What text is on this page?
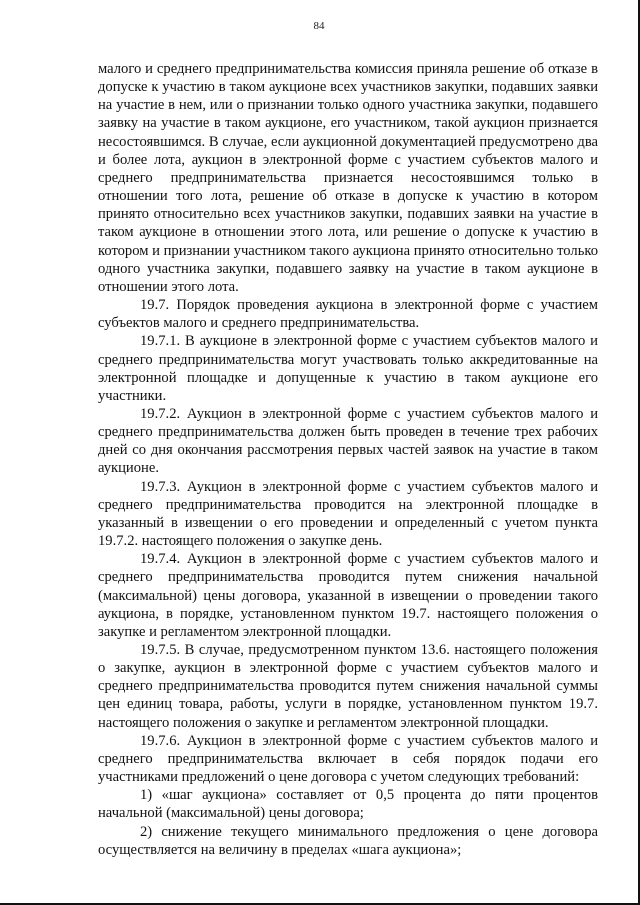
84

малого и среднего предпринимательства комиссия приняла решение об отказе в допуске к участию в таком аукционе всех участников закупки, подавших заявки на участие в нем, или о признании только одного участника закупки, подавшего заявку на участие в таком аукционе, его участником, такой аукцион признается несостоявшимся. В случае, если аукционной документацией предусмотрено два и более лота, аукцион в электронной форме с участием субъектов малого и среднего предпринимательства признается несостоявшимся только в отношении того лота, решение об отказе в допуске к участию в котором принято относительно всех участников закупки, подавших заявки на участие в таком аукционе в отношении этого лота, или решение о допуске к участию в котором и признании участником такого аукциона принято относительно только одного участника закупки, подавшего заявку на участие в таком аукционе в отношении этого лота.

19.7. Порядок проведения аукциона в электронной форме с участием субъектов малого и среднего предпринимательства.

19.7.1. В аукционе в электронной форме с участием субъектов малого и среднего предпринимательства могут участвовать только аккредитованные на электронной площадке и допущенные к участию в таком аукционе его участники.

19.7.2. Аукцион в электронной форме с участием субъектов малого и среднего предпринимательства должен быть проведен в течение трех рабочих дней со дня окончания рассмотрения первых частей заявок на участие в таком аукционе.

19.7.3. Аукцион в электронной форме с участием субъектов малого и среднего предпринимательства проводится на электронной площадке в указанный в извещении о его проведении и определенный с учетом пункта 19.7.2. настоящего положения о закупке день.

19.7.4. Аукцион в электронной форме с участием субъектов малого и среднего предпринимательства проводится путем снижения начальной (максимальной) цены договора, указанной в извещении о проведении такого аукциона, в порядке, установленном пунктом 19.7. настоящего положения о закупке и регламентом электронной площадки.

19.7.5. В случае, предусмотренном пунктом 13.6. настоящего положения о закупке, аукцион в электронной форме с участием субъектов малого и среднего предпринимательства проводится путем снижения начальной суммы цен единиц товара, работы, услуги в порядке, установленном пунктом 19.7. настоящего положения о закупке и регламентом электронной площадки.

19.7.6. Аукцион в электронной форме с участием субъектов малого и среднего предпринимательства включает в себя порядок подачи его участниками предложений о цене договора с учетом следующих требований:

1) «шаг аукциона» составляет от 0,5 процента до пяти процентов начальной (максимальной) цены договора;

2) снижение текущего минимального предложения о цене договора осуществляется на величину в пределах «шага аукциона»;
